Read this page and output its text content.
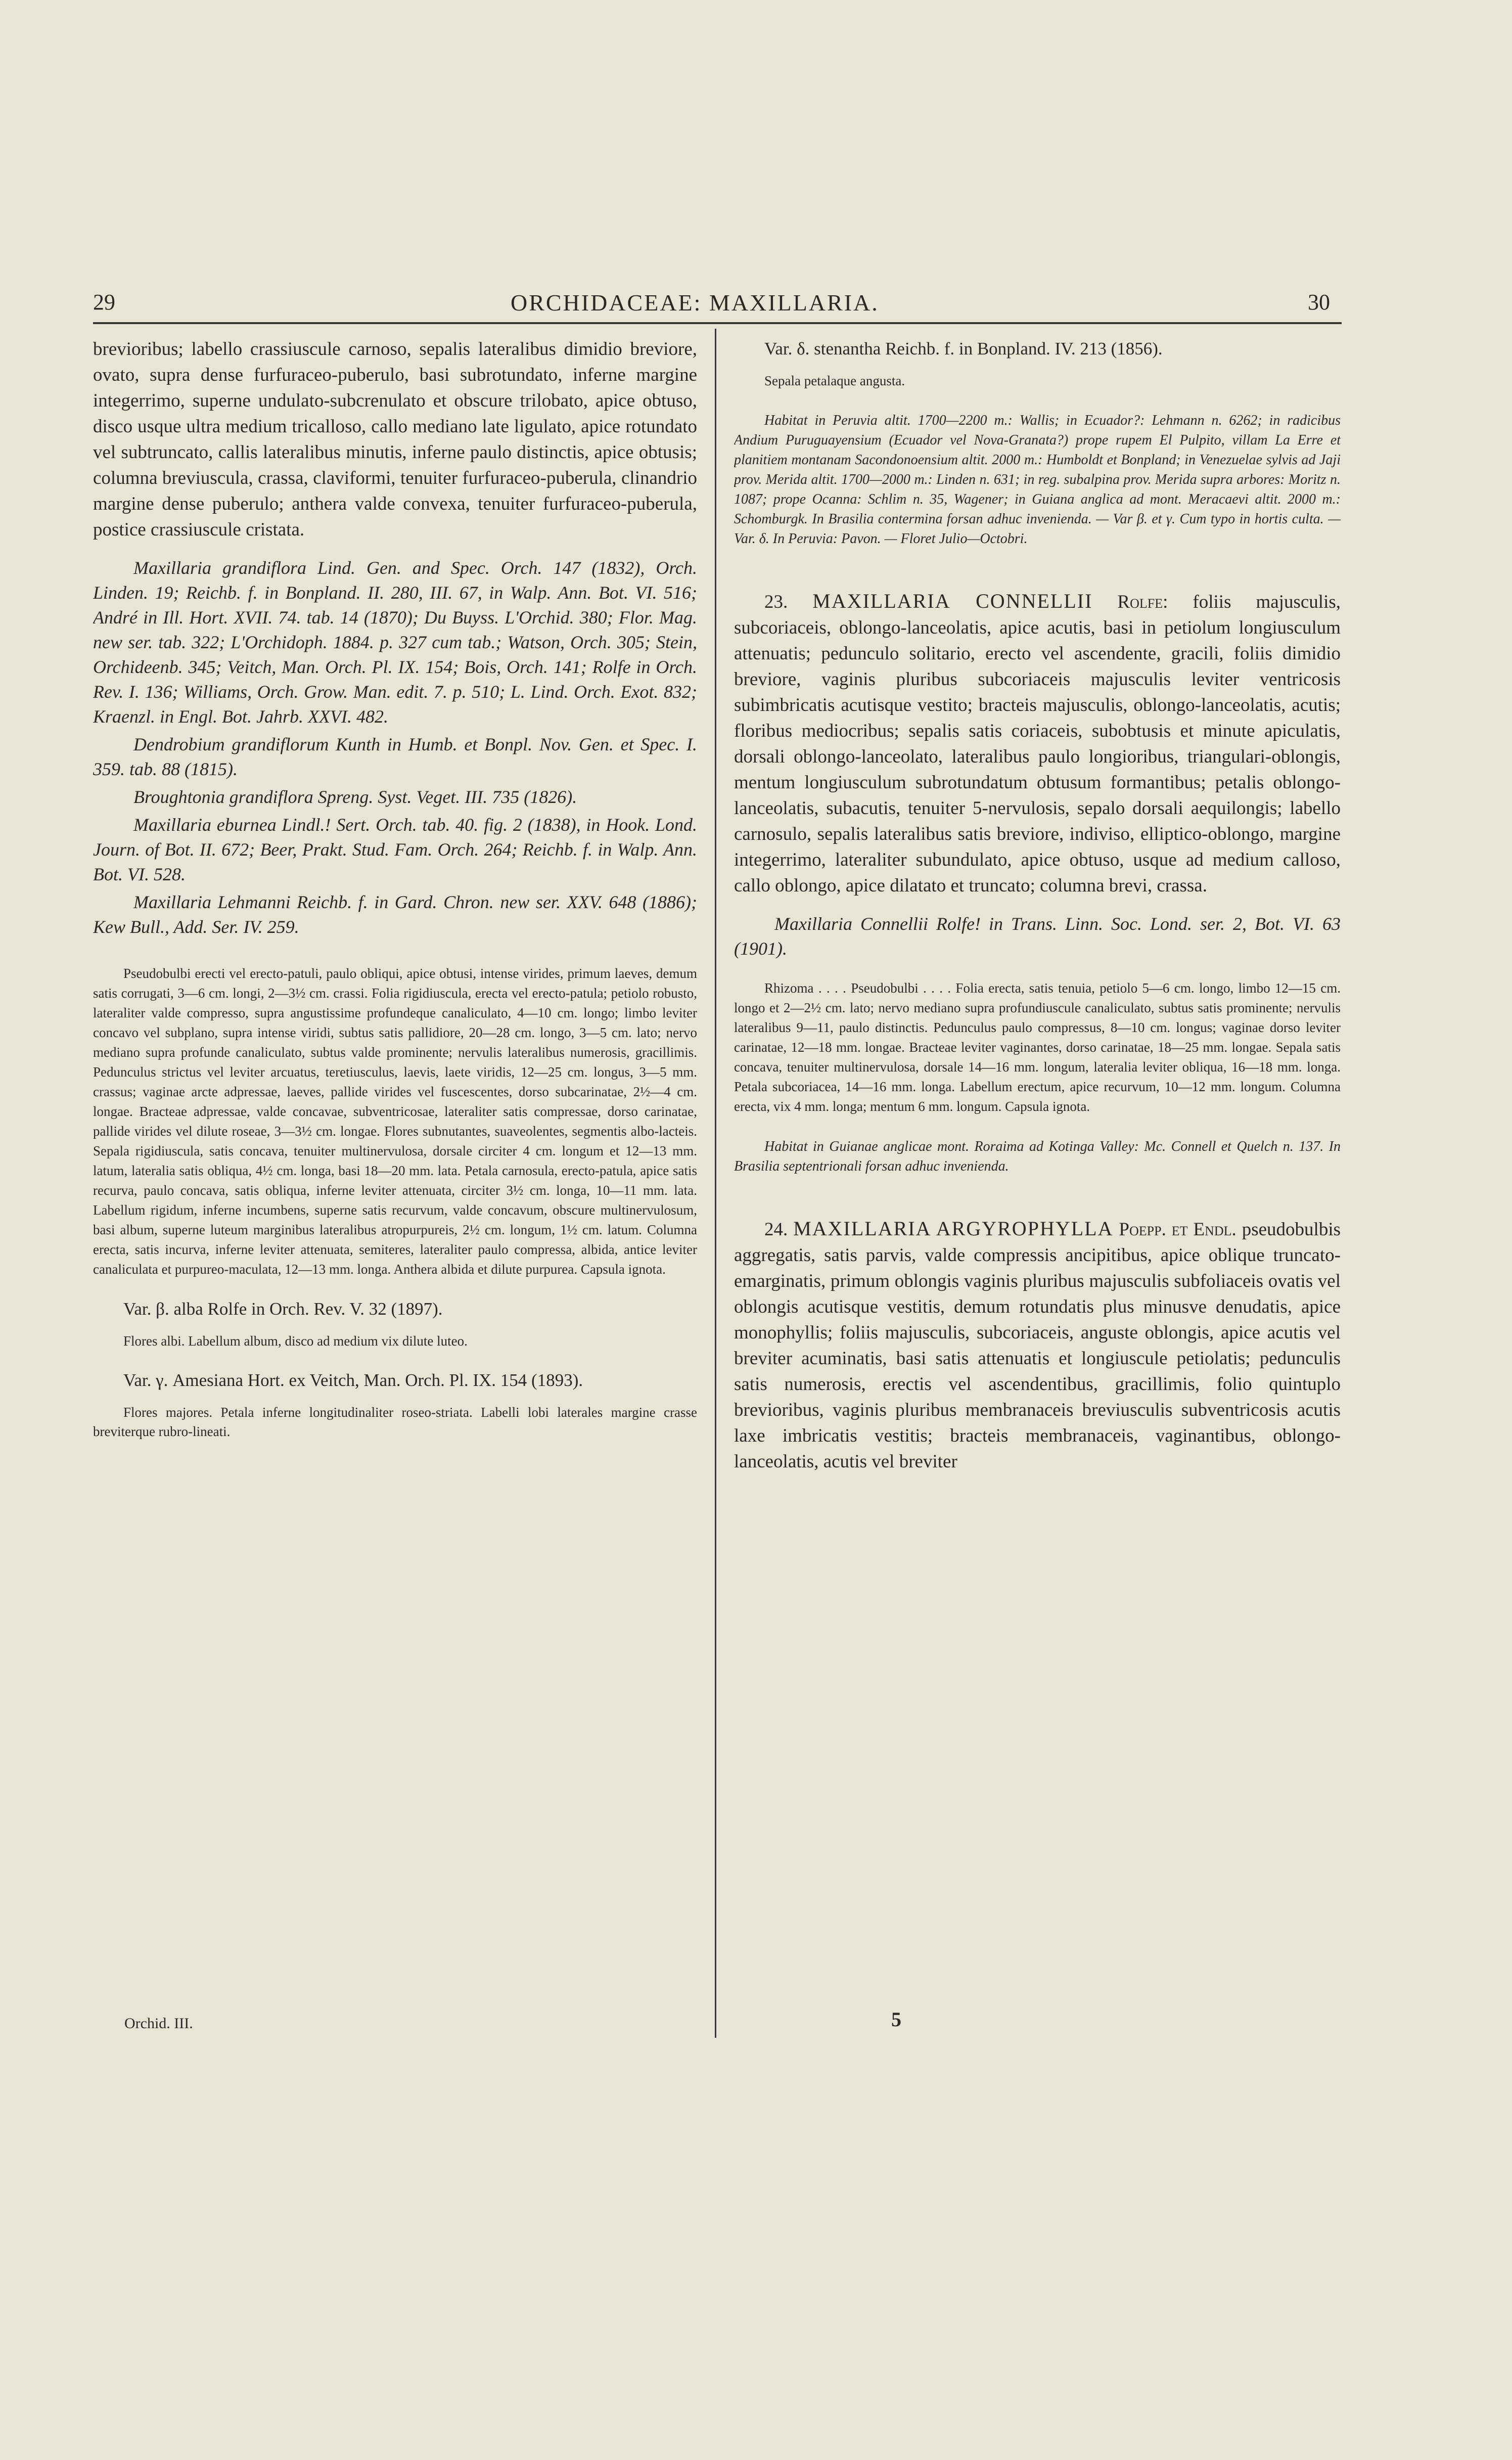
29	ORCHIDACEAE: MAXILLARIA.	30

brevioribus; labello crassiuscule carnoso, sepalis lateralibus dimidio breviore, ovato, supra dense furfuraceo-puberulo, basi subrotundato, inferne margine integerrimo, superne undulato-subcrenulato et obscure trilobato, apice obtuso, disco usque ultra medium tricalloso, callo mediano late ligulato, apice rotundato vel subtruncato, callis lateralibus minutis, inferne paulo distinctis, apice obtusis; columna breviuscula, crassa, claviformi, tenuiter furfuraceo-puberula, clinandrio margine dense puberulo; anthera valde convexa, tenuiter furfuraceo-puberula, postice crassiuscule cristata.

Maxillaria grandiflora Lind. Gen. and Spec. Orch. 147 (1832), Orch. Linden. 19; Reichb. f. in Bonpland. II. 280, III. 67, in Walp. Ann. Bot. VI. 516; André in Ill. Hort. XVII. 74. tab. 14 (1870); Du Buyss. L'Orchid. 380; Flor. Mag. new ser. tab. 322; L'Orchidoph. 1884. p. 327 cum tab.; Watson, Orch. 305; Stein, Orchideenb. 345; Veitch, Man. Orch. Pl. IX. 154; Bois, Orch. 141; Rolfe in Orch. Rev. I. 136; Williams, Orch. Grow. Man. edit. 7. p. 510; L. Lind. Orch. Exot. 832; Kraenzl. in Engl. Bot. Jahrb. XXVI. 482.

Dendrobium grandiflorum Kunth in Humb. et Bonpl. Nov. Gen. et Spec. I. 359. tab. 88 (1815).

Broughtonia grandiflora Spreng. Syst. Veget. III. 735 (1826).

Maxillaria eburnea Lindl.! Sert. Orch. tab. 40. fig. 2 (1838), in Hook. Lond. Journ. of Bot. II. 672; Beer, Prakt. Stud. Fam. Orch. 264; Reichb. f. in Walp. Ann. Bot. VI. 528.

Maxillaria Lehmanni Reichb. f. in Gard. Chron. new ser. XXV. 648 (1886); Kew Bull., Add. Ser. IV. 259.

Pseudobulbi erecti vel erecto-patuli, paulo obliqui, apice obtusi, intense virides, primum laeves, demum satis corrugati, 3—6 cm. longi, 2—3½ cm. crassi. Folia rigidiuscula, erecta vel erecto-patula; petiolo robusto, lateraliter valde compresso, supra angustissime profundeque canaliculato, 4—10 cm. longo; limbo leviter concavo vel subplano, supra intense viridi, subtus satis pallidiore, 20—28 cm. longo, 3—5 cm. lato; nervo mediano supra profunde canaliculato, subtus valde prominente; nervulis lateralibus numerosis, gracillimis. Pedunculus strictus vel leviter arcuatus, teretiusculus, laevis, laete viridis, 12—25 cm. longus, 3—5 mm. crassus; vaginae arcte adpressae, laeves, pallide virides vel fuscescentes, dorso subcarinatae, 2½—4 cm. longae. Bracteae adpressae, valde concavae, subventricosae, lateraliter satis compressae, dorso carinatae, pallide virides vel dilute roseae, 3—3½ cm. longae. Flores subnutantes, suaveolentes, segmentis albo-lacteis. Sepala rigidiuscula, satis concava, tenuiter multinervulosa, dorsale circiter 4 cm. longum et 12—13 mm. latum, lateralia satis obliqua, 4½ cm. longa, basi 18—20 mm. lata. Petala carnosula, erecto-patula, apice satis recurva, paulo concava, satis obliqua, inferne leviter attenuata, circiter 3½ cm. longa, 10—11 mm. lata. Labellum rigidum, inferne incumbens, superne satis recurvum, valde concavum, obscure multinervulosum, basi album, superne luteum marginibus lateralibus atropurpureis, 2½ cm. longum, 1½ cm. latum. Columna erecta, satis incurva, inferne leviter attenuata, semiteres, lateraliter paulo compressa, albida, antice leviter canaliculata et purpureo-maculata, 12—13 mm. longa. Anthera albida et dilute purpurea. Capsula ignota.

Var. β. alba Rolfe in Orch. Rev. V. 32 (1897).

Flores albi. Labellum album, disco ad medium vix dilute luteo.

Var. γ. Amesiana Hort. ex Veitch, Man. Orch. Pl. IX. 154 (1893).

Flores majores. Petala inferne longitudinaliter roseo-striata. Labelli lobi laterales margine crasse breviterque rubro-lineati.

Var. δ. stenantha Reichb. f. in Bonpland. IV. 213 (1856).

Sepala petalaque angusta.

Habitat in Peruvia altit. 1700—2200 m.: Wallis; in Ecuador?: Lehmann n. 6262; in radicibus Andium Puruguayensium (Ecuador vel Nova-Granata?) prope rupem El Pulpito, villam La Erre et planitiem montanam Sacondonoensium altit. 2000 m.: Humboldt et Bonpland; in Venezuelae sylvis ad Jaji prov. Merida altit. 1700—2000 m.: Linden n. 631; in reg. subalpina prov. Merida supra arbores: Moritz n. 1087; prope Ocanna: Schlim n. 35, Wagener; in Guiana anglica ad mont. Meracaevi altit. 2000 m.: Schomburgk. In Brasilia contermina forsan adhuc invenienda. — Var β. et γ. Cum typo in hortis culta. — Var. δ. In Peruvia: Pavon. — Floret Julio—Octobri.

23. MAXILLARIA CONNELLII Rolfe: foliis majusculis, subcoriaceis, oblongo-lanceolatis, apice acutis, basi in petiolum longiusculum attenuatis; pedunculo solitario, erecto vel ascendente, gracili, foliis dimidio breviore, vaginis pluribus subcoriaceis majusculis leviter ventricosis subimbricatis acutisque vestito; bracteis majusculis, oblongo-lanceolatis, acutis; floribus mediocribus; sepalis satis coriaceis, subobtusis et minute apiculatis, dorsali oblongo-lanceolato, lateralibus paulo longioribus, triangulari-oblongis, mentum longiusculum subrotundatum obtusum formantibus; petalis oblongo-lanceolatis, subacutis, tenuiter 5-nervulosis, sepalo dorsali aequilongis; labello carnosulo, sepalis lateralibus satis breviore, indiviso, elliptico-oblongo, margine integerrimo, lateraliter subundulato, apice obtuso, usque ad medium calloso, callo oblongo, apice dilatato et truncato; columna brevi, crassa.

Maxillaria Connellii Rolfe! in Trans. Linn. Soc. Lond. ser. 2, Bot. VI. 63 (1901).

Rhizoma . . . . Pseudobulbi . . . . Folia erecta, satis tenuia, petiolo 5—6 cm. longo, limbo 12—15 cm. longo et 2—2½ cm. lato; nervo mediano supra profundiuscule canaliculato, subtus satis prominente; nervulis lateralibus 9—11, paulo distinctis. Pedunculus paulo compressus, 8—10 cm. longus; vaginae dorso leviter carinatae, 12—18 mm. longae. Bracteae leviter vaginantes, dorso carinatae, 18—25 mm. longae. Sepala satis concava, tenuiter multinervulosa, dorsale 14—16 mm. longum, lateralia leviter obliqua, 16—18 mm. longa. Petala subcoriacea, 14—16 mm. longa. Labellum erectum, apice recurvum, 10—12 mm. longum. Columna erecta, vix 4 mm. longa; mentum 6 mm. longum. Capsula ignota.

Habitat in Guianae anglicae mont. Roraima ad Kotinga Valley: Mc. Connell et Quelch n. 137. In Brasilia septentrionali forsan adhuc invenienda.

24. MAXILLARIA ARGYROPHYLLA Poepp. et Endl. pseudobulbis aggregatis, satis parvis, valde compressis ancipitibus, apice oblique truncato-emarginatis, primum oblongis vaginis pluribus majusculis subfoliaceis ovatis vel oblongis acutisque vestitis, demum rotundatis plus minusve denudatis, apice monophyllis; foliis majusculis, subcoriaceis, anguste oblongis, apice acutis vel breviter acuminatis, basi satis attenuatis et longiuscule petiolatis; pedunculis satis numerosis, erectis vel ascendentibus, gracillimis, folio quintuplo brevioribus, vaginis pluribus membranaceis breviusculis subventricosis acutis laxe imbricatis vestitis; bracteis membranaceis, vaginantibus, oblongo-lanceolatis, acutis vel breviter

Orchid. III.	5
